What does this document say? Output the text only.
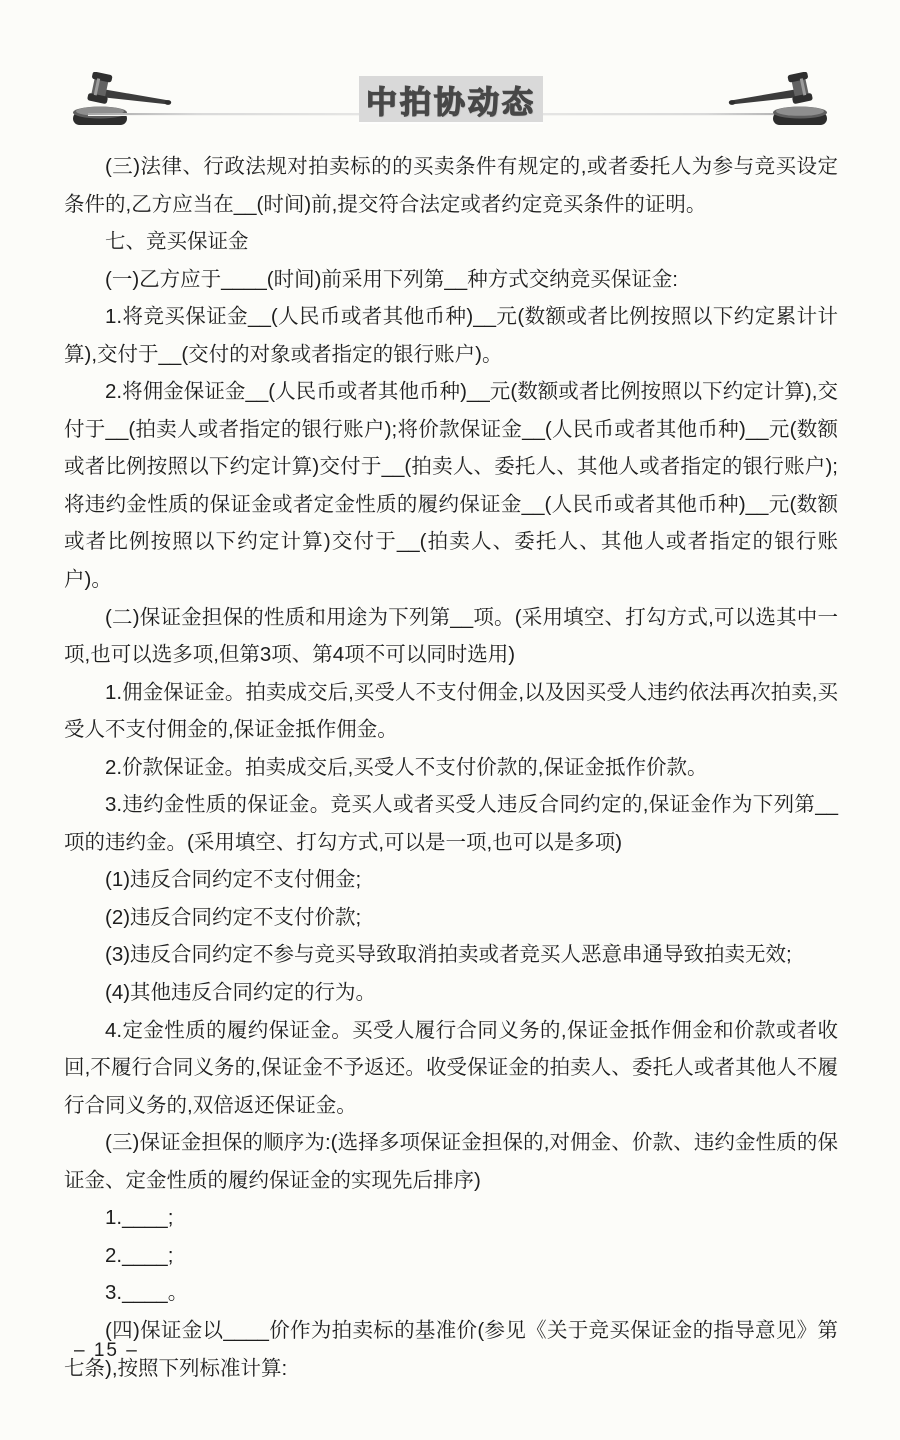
中拍协动态

(三)法律、行政法规对拍卖标的的买卖条件有规定的,或者委托人为参与竞买设定条件的,乙方应当在__(时间)前,提交符合法定或者约定竞买条件的证明。

七、竞买保证金

(一)乙方应于____(时间)前采用下列第__种方式交纳竞买保证金:

1.将竞买保证金__(人民币或者其他币种)__元(数额或者比例按照以下约定累计计算),交付于__(交付的对象或者指定的银行账户)。

2.将佣金保证金__(人民币或者其他币种)__元(数额或者比例按照以下约定计算),交付于__(拍卖人或者指定的银行账户);将价款保证金__(人民币或者其他币种)__元(数额或者比例按照以下约定计算)交付于__(拍卖人、委托人、其他人或者指定的银行账户);将违约金性质的保证金或者定金性质的履约保证金__(人民币或者其他币种)__元(数额或者比例按照以下约定计算)交付于__(拍卖人、委托人、其他人或者指定的银行账户)。

(二)保证金担保的性质和用途为下列第__项。(采用填空、打勾方式,可以选其中一项,也可以选多项,但第3项、第4项不可以同时选用)

1.佣金保证金。拍卖成交后,买受人不支付佣金,以及因买受人违约依法再次拍卖,买受人不支付佣金的,保证金抵作佣金。

2.价款保证金。拍卖成交后,买受人不支付价款的,保证金抵作价款。

3.违约金性质的保证金。竞买人或者买受人违反合同约定的,保证金作为下列第__项的违约金。(采用填空、打勾方式,可以是一项,也可以是多项)

(1)违反合同约定不支付佣金;

(2)违反合同约定不支付价款;

(3)违反合同约定不参与竞买导致取消拍卖或者竞买人恶意串通导致拍卖无效;

(4)其他违反合同约定的行为。

4.定金性质的履约保证金。买受人履行合同义务的,保证金抵作佣金和价款或者收回,不履行合同义务的,保证金不予返还。收受保证金的拍卖人、委托人或者其他人不履行合同义务的,双倍返还保证金。

(三)保证金担保的顺序为:(选择多项保证金担保的,对佣金、价款、违约金性质的保证金、定金性质的履约保证金的实现先后排序)

1.____;

2.____;

3.____。

(四)保证金以____价作为拍卖标的基准价(参见《关于竞买保证金的指导意见》第七条),按照下列标准计算:

– 15 –
